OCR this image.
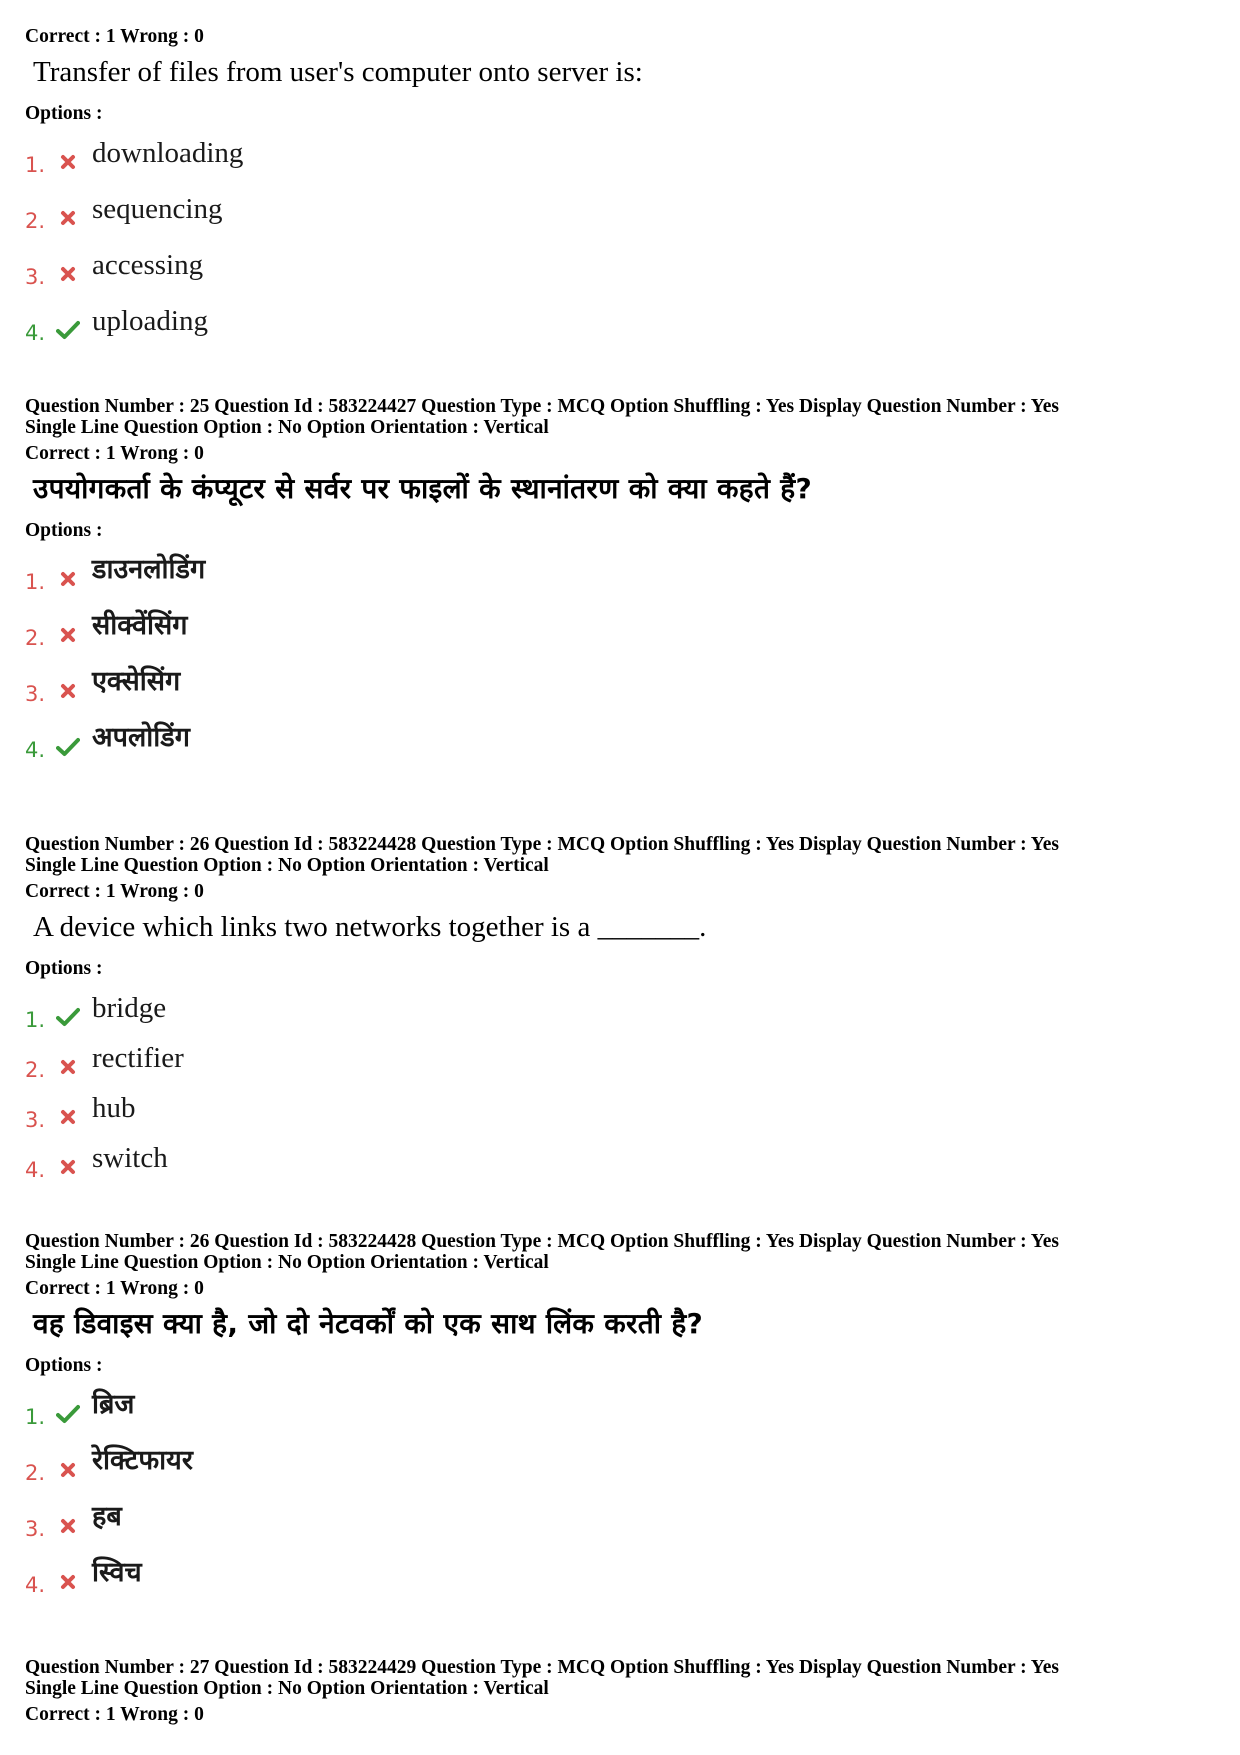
Correct : 1 Wrong : 0
Transfer of files from user's computer onto server is:
Options :
1. downloading
2. sequencing
3. accessing
4. uploading
Question Number : 25 Question Id : 583224427 Question Type : MCQ Option Shuffling : Yes Display Question Number : Yes
Single Line Question Option : No Option Orientation : Vertical
Correct : 1 Wrong : 0
उपयोगकर्ता के कंप्यूटर से सर्वर पर फाइलों के स्थानांतरण को क्या कहते हैं?
Options :
1. डाउनलोडिंग
2. सीक्वेंसिंग
3. एक्सेसिंग
4. अपलोडिंग
Question Number : 26 Question Id : 583224428 Question Type : MCQ Option Shuffling : Yes Display Question Number : Yes
Single Line Question Option : No Option Orientation : Vertical
Correct : 1 Wrong : 0
A device which links two networks together is a _______.
Options :
1. bridge
2. rectifier
3. hub
4. switch
Question Number : 26 Question Id : 583224428 Question Type : MCQ Option Shuffling : Yes Display Question Number : Yes
Single Line Question Option : No Option Orientation : Vertical
Correct : 1 Wrong : 0
वह डिवाइस क्या है, जो दो नेटवर्कों को एक साथ लिंक करती है?
Options :
1. ब्रिज
2. रेक्टिफायर
3. हब
4. स्विच
Question Number : 27 Question Id : 583224429 Question Type : MCQ Option Shuffling : Yes Display Question Number : Yes
Single Line Question Option : No Option Orientation : Vertical
Correct : 1 Wrong : 0
